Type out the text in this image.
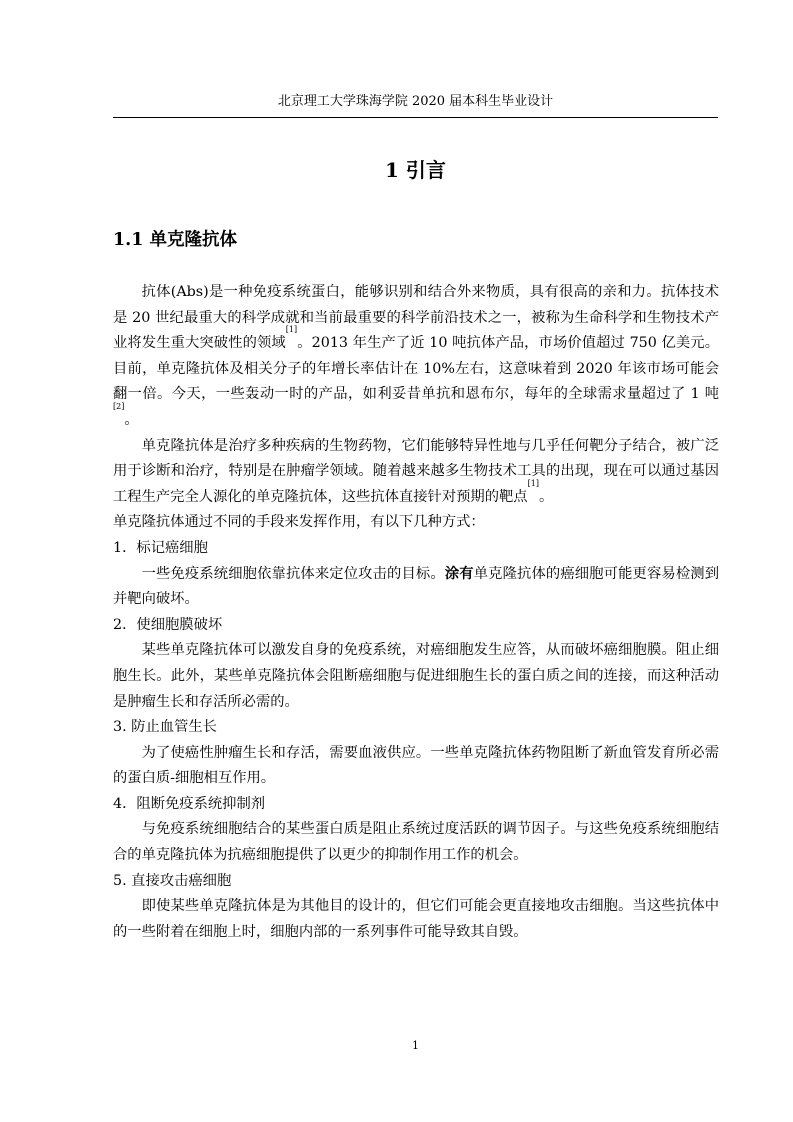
北京理工大学珠海学院 2020 届本科生毕业设计
1 引言
1.1 单克隆抗体

抗体(Abs)是一种免疫系统蛋白，能够识别和结合外来物质，具有很高的亲和力。抗体技术是 20 世纪最重大的科学成就和当前最重要的科学前沿技术之一，被称为生命科学和生物技术产业将发生重大突破性的领域[1]。2013 年生产了近 10 吨抗体产品，市场价值超过 750 亿美元。目前，单克隆抗体及相关分子的年增长率估计在 10%左右，这意味着到 2020 年该市场可能会翻一倍。今天，一些轰动一时的产品，如利妥昔单抗和恩布尔，每年的全球需求量超过了 1 吨[2]。

单克隆抗体是治疗多种疾病的生物药物，它们能够特异性地与几乎任何靶分子结合，被广泛用于诊断和治疗，特别是在肿瘤学领域。随着越来越多生物技术工具的出现，现在可以通过基因工程生产完全人源化的单克隆抗体，这些抗体直接针对预期的靶点[1]。

单克隆抗体通过不同的手段来发挥作用，有以下几种方式：

1．标记癌细胞

一些免疫系统细胞依靠抗体来定位攻击的目标。涂有单克隆抗体的癌细胞可能更容易检测到并靶向破坏。

2．使细胞膜破坏

某些单克隆抗体可以激发自身的免疫系统，对癌细胞发生应答，从而破坏癌细胞膜。阻止细胞生长。此外，某些单克隆抗体会阻断癌细胞与促进细胞生长的蛋白质之间的连接，而这种活动是肿瘤生长和存活所必需的。

3. 防止血管生长

为了使癌性肿瘤生长和存活，需要血液供应。一些单克隆抗体药物阻断了新血管发育所必需的蛋白质-细胞相互作用。

4．阻断免疫系统抑制剂

与免疫系统细胞结合的某些蛋白质是阻止系统过度活跃的调节因子。与这些免疫系统细胞结合的单克隆抗体为抗癌细胞提供了以更少的抑制作用工作的机会。

5. 直接攻击癌细胞

即使某些单克隆抗体是为其他目的设计的，但它们可能会更直接地攻击细胞。当这些抗体中的一些附着在细胞上时，细胞内部的一系列事件可能导致其自毁。

1
